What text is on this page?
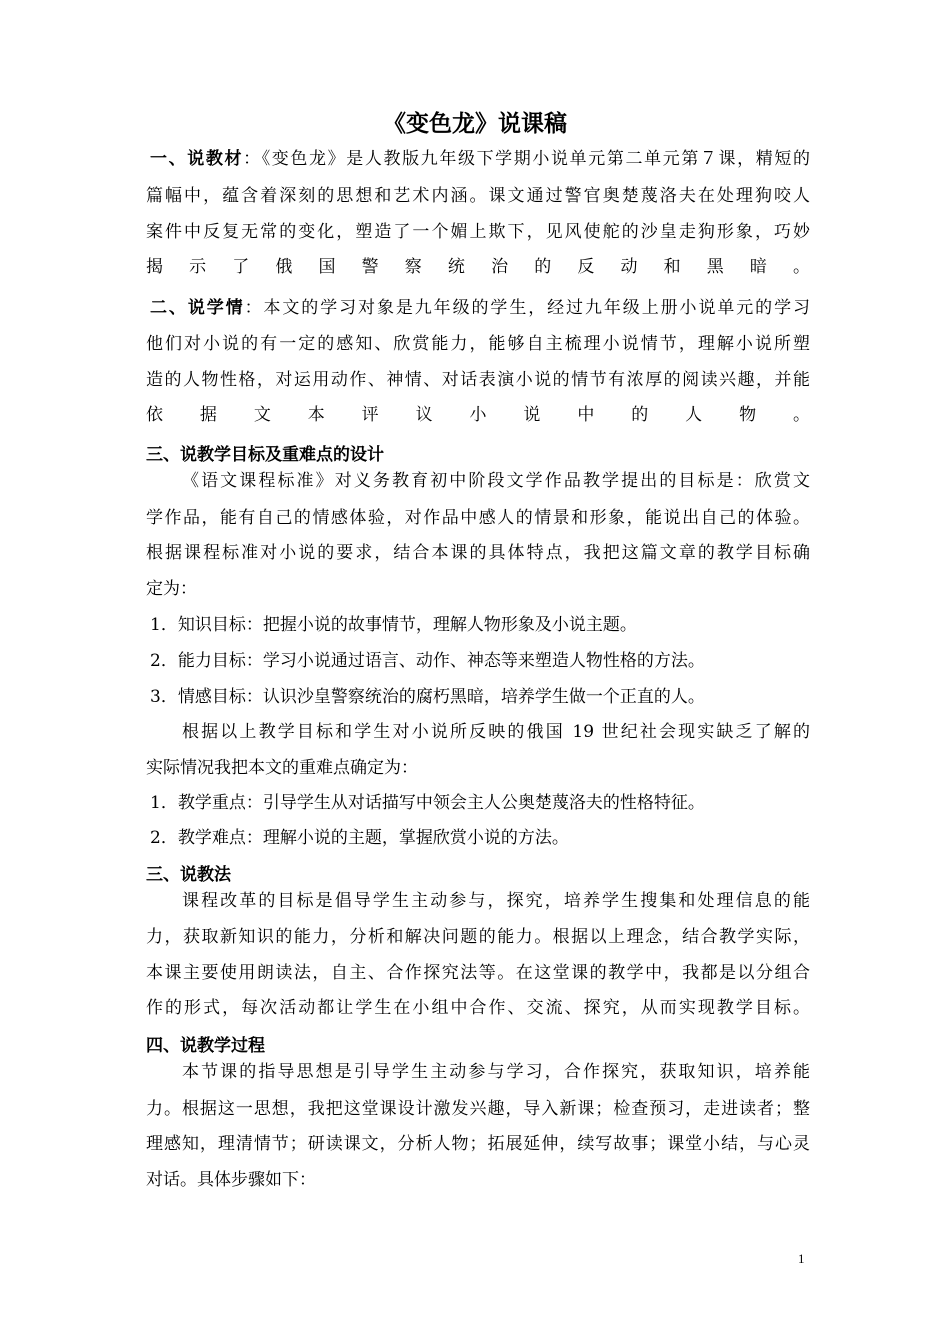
《变色龙》说课稿
一、说教材：《变色龙》是人教版九年级下学期小说单元第二单元第７课，精短的
篇幅中，蕴含着深刻的思想和艺术内涵。课文通过警官奥楚蔑洛夫在处理狗咬人
案件中反复无常的变化，塑造了一个媚上欺下，见风使舵的沙皇走狗形象，巧妙
揭示了俄国警察统治的反动和黑暗。
二、说学情：本文的学习对象是九年级的学生，经过九年级上册小说单元的学习
他们对小说的有一定的感知、欣赏能力，能够自主梳理小说情节，理解小说所塑
造的人物性格，对运用动作、神情、对话表演小说的情节有浓厚的阅读兴趣，并能
依据文本评议小说中的人物。
三、说教学目标及重难点的设计
《语文课程标准》对义务教育初中阶段文学作品教学提出的目标是：欣赏文
学作品，能有自己的情感体验，对作品中感人的情景和形象，能说出自己的体验。
根据课程标准对小说的要求，结合本课的具体特点，我把这篇文章的教学目标确
定为：
1．知识目标：把握小说的故事情节，理解人物形象及小说主题。
2．能力目标：学习小说通过语言、动作、神态等来塑造人物性格的方法。
3．情感目标：认识沙皇警察统治的腐朽黑暗，培养学生做一个正直的人。
根据以上教学目标和学生对小说所反映的俄国 19 世纪社会现实缺乏了解的
实际情况我把本文的重难点确定为：
1．教学重点：引导学生从对话描写中领会主人公奥楚蔑洛夫的性格特征。
2．教学难点：理解小说的主题，掌握欣赏小说的方法。
三、说教法
课程改革的目标是倡导学生主动参与，探究，培养学生搜集和处理信息的能
力，获取新知识的能力，分析和解决问题的能力。根据以上理念，结合教学实际，
本课主要使用朗读法，自主、合作探究法等。在这堂课的教学中，我都是以分组合
作的形式，每次活动都让学生在小组中合作、交流、探究，从而实现教学目标。
四、说教学过程
本节课的指导思想是引导学生主动参与学习，合作探究，获取知识，培养能
力。根据这一思想，我把这堂课设计激发兴趣，导入新课；检查预习，走进读者；整
理感知，理清情节；研读课文，分析人物；拓展延伸，续写故事；课堂小结，与心灵
对话。具体步骤如下：
1
